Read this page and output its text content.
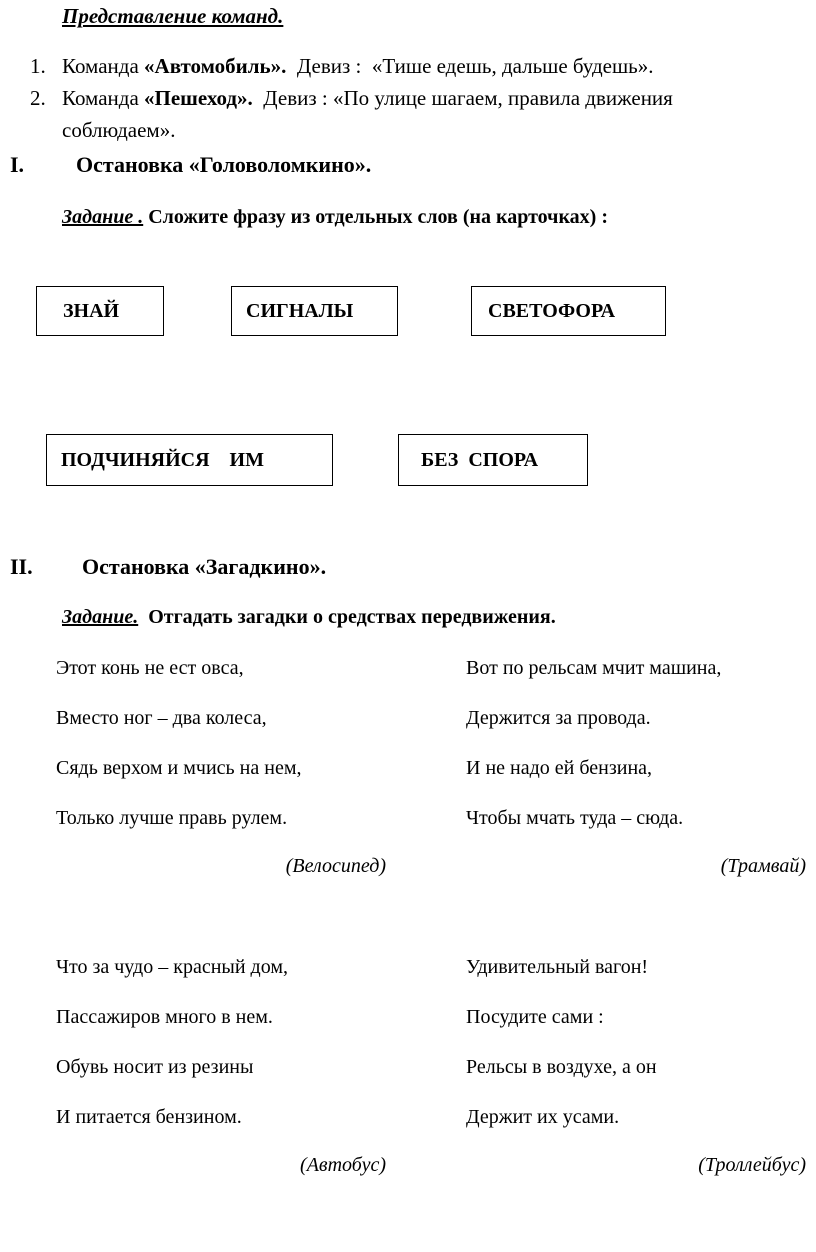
Представление команд.
1. Команда «Автомобиль».  Девиз :  «Тише едешь, дальше будешь».
2. Команда «Пешеход».  Девиз : «По улице шагаем, правила движения
соблюдаем».
I. Остановка «Головоломкино».
Задание . Сложите фразу из отдельных слов (на карточках) :
ЗНАЙ	СИГНАЛЫ	СВЕТОФОРА
ПОДЧИНЯЙСЯ    ИМ	БЕЗ  СПОРА
II. Остановка «Загадкино».
Задание.  Отгадать загадки о средствах передвижения.
Этот конь не ест овса,
Вместо ног – два колеса,
Сядь верхом и мчись на нем,
Только лучше правь рулем.
(Велосипед)
Вот по рельсам мчит машина,
Держится за провода.
И не надо ей бензина,
Чтобы мчать туда – сюда.
(Трамвай)
Что за чудо – красный дом,
Пассажиров много в нем.
Обувь носит из резины
И питается бензином.
(Автобус)
Удивительный вагон!
Посудите сами :
Рельсы в воздухе, а он
Держит их усами.
(Троллейбус)
